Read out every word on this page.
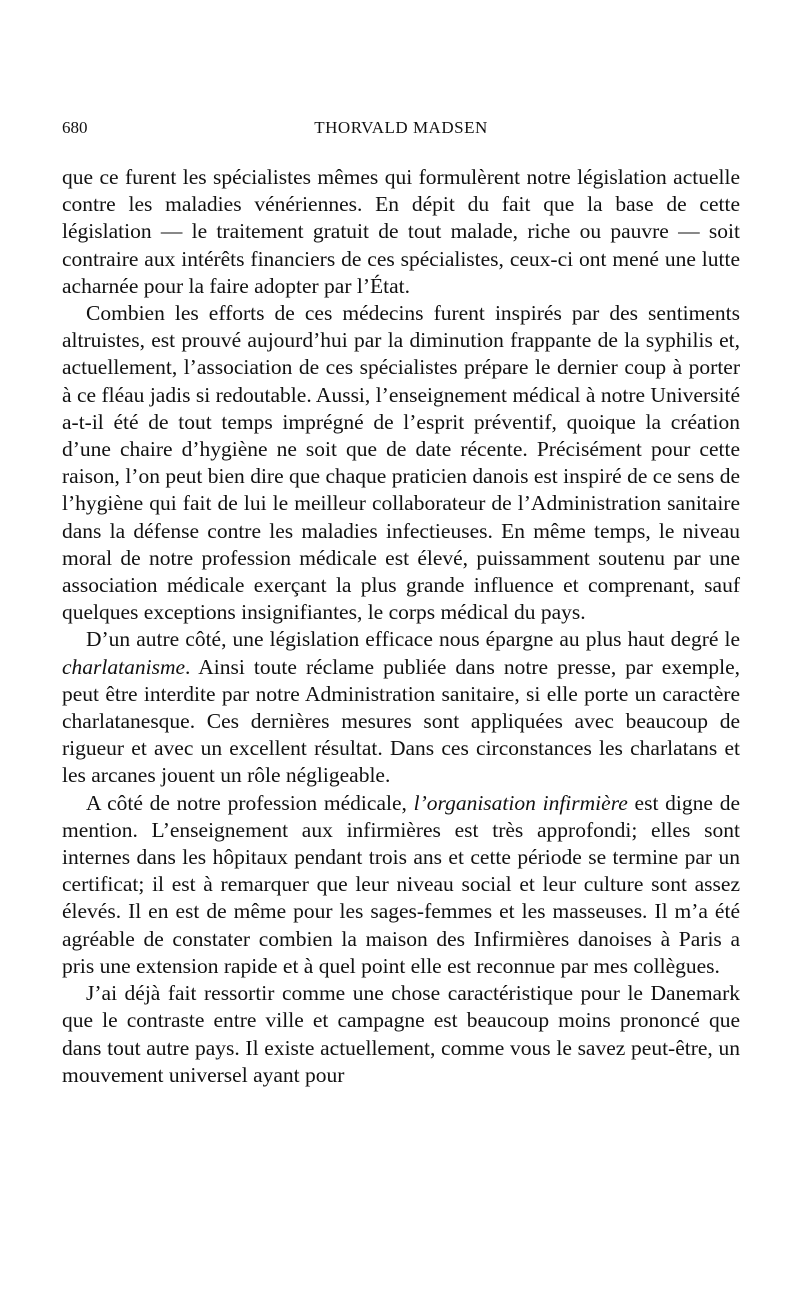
680	THORVALD MADSEN

que ce furent les spécialistes mêmes qui formulèrent notre législation actuelle contre les maladies vénériennes. En dépit du fait que la base de cette législation — le traitement gratuit de tout malade, riche ou pauvre — soit contraire aux intérêts financiers de ces spécialistes, ceux-ci ont mené une lutte acharnée pour la faire adopter par l’État.

Combien les efforts de ces médecins furent inspirés par des sentiments altruistes, est prouvé aujourd’hui par la diminution frappante de la syphilis et, actuellement, l’association de ces spécialistes prépare le dernier coup à porter à ce fléau jadis si redoutable. Aussi, l’enseignement médical à notre Université a-t-il été de tout temps imprégné de l’esprit préventif, quoique la création d’une chaire d’hygiène ne soit que de date récente. Précisément pour cette raison, l’on peut bien dire que chaque praticien danois est inspiré de ce sens de l’hygiène qui fait de lui le meilleur collaborateur de l’Administration sanitaire dans la défense contre les maladies infectieuses. En même temps, le niveau moral de notre profession médicale est élevé, puissamment soutenu par une association médicale exerçant la plus grande influence et comprenant, sauf quelques exceptions insignifiantes, le corps médical du pays.

D’un autre côté, une législation efficace nous épargne au plus haut degré le charlatanisme. Ainsi toute réclame publiée dans notre presse, par exemple, peut être interdite par notre Administration sanitaire, si elle porte un caractère charlatanesque. Ces dernières mesures sont appliquées avec beaucoup de rigueur et avec un excellent résultat. Dans ces circonstances les charlatans et les arcanes jouent un rôle négligeable.

A côté de notre profession médicale, l’organisation infirmière est digne de mention. L’enseignement aux infirmières est très approfondi; elles sont internes dans les hôpitaux pendant trois ans et cette période se termine par un certificat; il est à remarquer que leur niveau social et leur culture sont assez élevés. Il en est de même pour les sages-femmes et les masseuses. Il m’a été agréable de constater combien la maison des Infirmières danoises à Paris a pris une extension rapide et à quel point elle est reconnue par mes collègues.

J’ai déjà fait ressortir comme une chose caractéristique pour le Danemark que le contraste entre ville et campagne est beaucoup moins prononcé que dans tout autre pays. Il existe actuellement, comme vous le savez peut-être, un mouvement universel ayant pour
